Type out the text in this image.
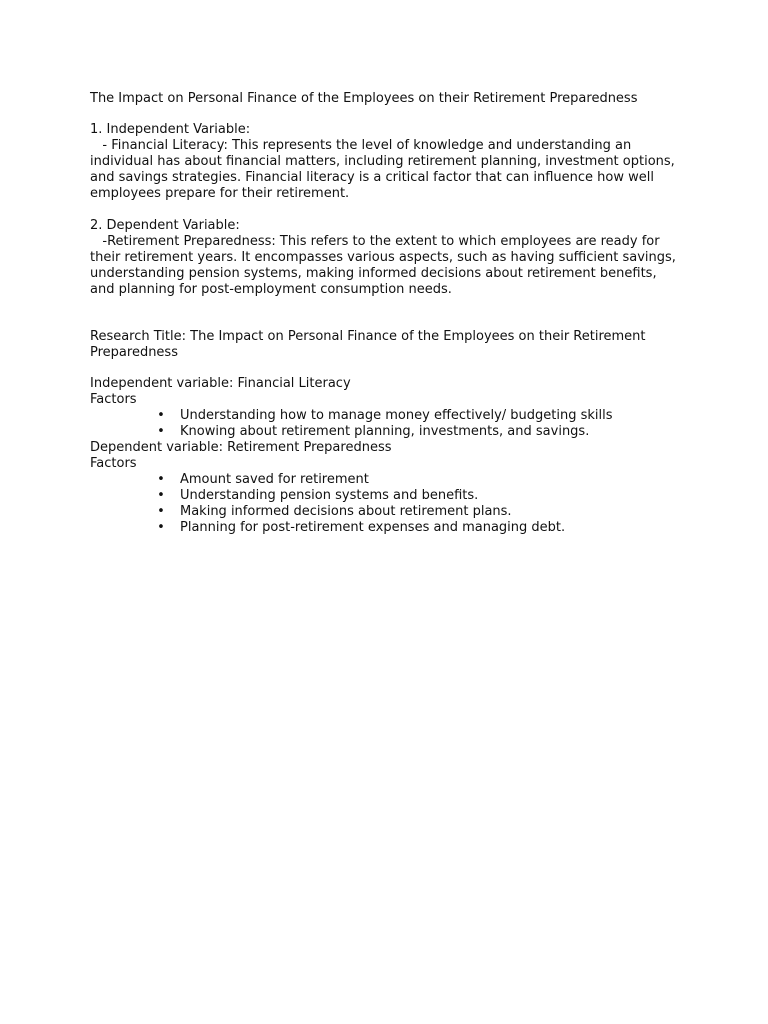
The Impact on Personal Finance of the Employees on their Retirement Preparedness

1. Independent Variable:

- Financial Literacy: This represents the level of knowledge and understanding an individual has about financial matters, including retirement planning, investment options, and savings strategies. Financial literacy is a critical factor that can influence how well employees prepare for their retirement.

2. Dependent Variable:

-Retirement Preparedness: This refers to the extent to which employees are ready for their retirement years. It encompasses various aspects, such as having sufficient savings, understanding pension systems, making informed decisions about retirement benefits, and planning for post-employment consumption needs.

Research Title: The Impact on Personal Finance of the Employees on their Retirement Preparedness

Independent variable: Financial Literacy

Factors

• Understanding how to manage money effectively/ budgeting skills
• Knowing about retirement planning, investments, and savings.

Dependent variable: Retirement Preparedness

Factors

• Amount saved for retirement
• Understanding pension systems and benefits.
• Making informed decisions about retirement plans.
• Planning for post-retirement expenses and managing debt.
